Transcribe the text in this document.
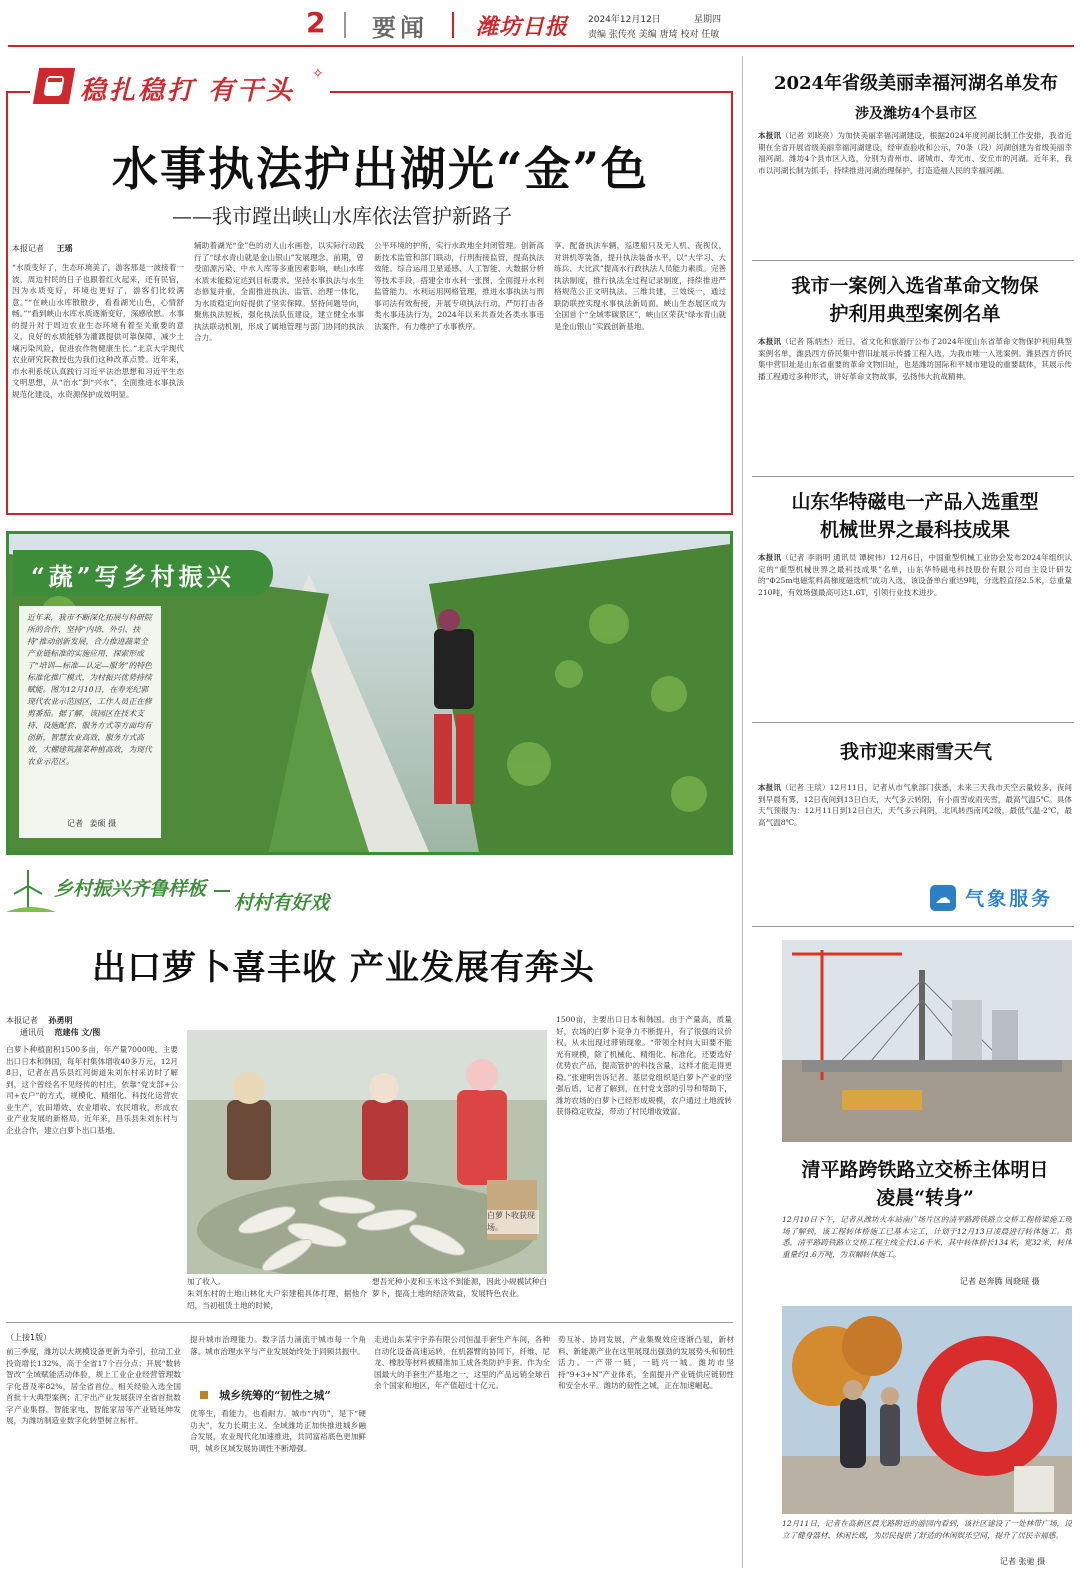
2 要闻 潍坊日报 2024年12月12日	星期四
责编 张传亮 美编 唐琦 校对 任敏
稳扎稳打 有干头
✧
水事执法护出湖光“金”色
——我市蹚出峡山水库依法管护新路子
本报记者 王瑶
“水质变好了，生态环境美了，游客那是一波接着一波，周边村民的日子也跟着红火起来，还有民宿，因为水质变好，环境也更好了，游客们比较满意。”“在峡山水库散散步，看看湖光山色，心情舒畅。”“看到峡山水库水质逐渐变好，深感欣慰。水事的提升对于周边农业生态环境有着至关重要的意义，良好的水质能够为灌溉提供可靠保障，减少土壤污染风险，促进农作物健康生长。”北京大学现代农业研究院教授也为我们这种改革点赞。近年来，市水利系统认真践行习近平法治思想和习近平生态文明思想，从“治水”到“兴水”，全面推进水事执法规范化建设，水资源保护成效明显。
辅助着湖光“金”色的动人山水画卷，以实际行动践行了“绿水青山就是金山银山”发展理念。前期，曾受面源污染、中水入库等多重因素影响，峡山水库水质未能稳定达到目标要求。坚持水事执法与水生态修复并重，全面推进执法、监管、治理一体化，为水质稳定向好提供了坚实保障。坚持问题导向，聚焦执法短板，强化执法队伍建设，建立健全水事执法联动机制，形成了属地管理与部门协同的执法合力。
公平环境的护所，实行水政地全封闭管理。创新高新技术监管和部门联动，行刑衔接监管，提高执法效能。综合运用卫星遥感、人工智能、大数据分析等技术手段，搭建全市水利一张图，全面提升水利监管能力。水利运用网格管理，推进水事执法与刑事司法有效衔接，开展专项执法行动，严厉打击各类水事违法行为，2024年以来共查处各类水事违法案件，有力维护了水事秩序。
享、配备执法车辆，巡逻船只及无人机、夜视仪、对讲机等装备，提升执法装备水平，以“大学习、大练兵、大比武”提高水行政执法人员能力素质。完善执法制度，推行执法全过程记录制度，持续推进严格规范公正文明执法。三维共建，三效统一，通过联防联控实现水事执法新局面。峡山生态展区成为全国首个“全域零碳景区”，峡山区荣获“绿水青山就是金山银山”实践创新基地。
“蔬”写乡村振兴
近年来，我市不断深化拓展与科研院所的合作，坚持“内培、外引、扶持”推动创新发展，合力推进蔬菜全产业链标准的实施应用，探索形成了“培训—标准—认定—服务”的特色标准化推广模式，为村振兴优势持续赋能。图为12月10日，在寿光纪郭现代农业示范园区，工作人员正在修剪番茄。据了解，该园区在技术支持、设施配套、服务方式等方面均有创新，智慧农业高效、服务方式高效，大棚建筑蔬菜种植高效，为现代农业示范区。
记者 姜硕 摄
乡村振兴齐鲁样板
村村有好戏
出口萝卜喜丰收 产业发展有奔头
本报记者 孙勇明
通讯员 范建伟 文/图
白萝卜种植面积1500多亩，年产量7000吨，主要出口日本和韩国，每年村集体增收40多万元，12月8日，记者在昌乐县红河街道朱刘东村采访时了解到，这个曾经名不见经传的村庄，依靠“党支部+公司+农户”的方式，规模化、精细化、科技化运营农业生产，农田增效、农业增收、农民增收，形成农业产业发展的新格局。近年来，昌乐县朱刘东村与企业合作，建立白萝卜出口基地。
白萝卜收获现场。
1500亩，主要出口日本和韩国。由于产量高，质量好，农场的白萝卜竞争力不断提升，有了很强的议价权，从未出现过滞销现象。“带领全村向大田要不能光有规模，除了机械化、精细化、标准化，还要选好优势农产品，提高管护的科技含量，这样才能走得更稳。”张建明告诉记者。基层党组织是白萝卜产业的坚强后盾，记者了解到，在村党支部的引导和帮助下，潍坊农场的白萝卜已经形成规模，农户通过土地流转获得稳定收益，带动了村民增收致富。
加了收入。
朱刘东村的土地山林化大户亲建租具体打理，据他介绍，当初租赁土地的时候，
想吾光种小麦和玉米这不到能源，因此小规模试种白萝卜，提高土地的经济效益，发展特色农业。
（上接1版）
前三季度，潍坊以大规模设备更新为牵引，拉动工业投资增长132%，高于全省17个百分点；开展“数转智改”全域赋能活动体验，规上工业企业经营管理数字化普及率82%，居全省首位。相关经验入选全国首批十大典型案例；汇宇出产业发展获评全省首批数字产业集群。智能家电、智能家居等产业链延伸发展，为潍坊制造业数字化转型树立标杆。
提升城市治理能力。数字活力涌流于城市每一个角落。城市治理水平与产业发展始终处于同频共振中。
城乡统筹的“韧性之城”
优等生，看能力，也看耐力。城市“内功”，是下“硬功夫”，发力长期主义。全域潍坊正加快推进城乡融合发展，农业现代化加速推进，共同富裕底色更加鲜明，城乡区域发展协调性不断增强。
走进山东某宇宇养有限公司恒温手套生产车间，各种自动化设备高速运转，在机器臂的协同下，纤维、尼龙、橡胶等材料被精准加工成各类防护手套。作为全国最大的手套生产基地之一，这里的产品远销全球百余个国家和地区，年产值超过十亿元。
势互补、协同发展，产业集聚效应逐渐凸显，新材料、新能源产业在这里展现出强劲的发展势头和韧性活力。一产带一链，一链兴一城。潍坊市坚持“9+3+N”产业体系，全面提升产业链供应链韧性和安全水平。潍坊的韧性之城，正在加速崛起。
2024年省级美丽幸福河湖名单发布
涉及潍坊4个县市区
本报讯（记者 刘晓亮）为加快美丽幸福河湖建设，根据2024年度河湖长制工作安排，我省近期在全省开展省级美丽幸福河湖建设，经审查验收和公示，70条（段）河湖创建为省级美丽幸福河湖。潍坊4个县市区入选，分别为青州市、诸城市、寿光市、安丘市的河湖。近年来，我市以河湖长制为抓手，持续推进河湖治理保护，打造造福人民的幸福河湖。
我市一案例入选省革命文物保护利用典型案例名单
本报讯（记者 陈炳杰）近日，省文化和旅游厅公布了2024年度山东省革命文物保护利用典型案例名单，潍县西方侨民集中营旧址展示传播工程入选，为我市唯一入选案例。潍县西方侨民集中营旧址是山东省重要的革命文物旧址，也是潍坊国际和平城市建设的重要载体，其展示传播工程通过多种形式，讲好革命文物故事，弘扬伟大抗战精神。
山东华特磁电一产品入选重型机械世界之最科技成果
本报讯（记者 李雨明 通讯员 谭树伟）12月6日，中国重型机械工业协会发布2024年组织认定的“重型机械世界之最科技成果”名单，山东华特磁电科技股份有限公司自主设计研发的“Φ25m电磁浆料高梯度磁选机”成功入选，该设备单台重达9吨，分选腔直径2.5米，总重量210吨，有效场强最高可达1.6T，引领行业技术进步。
我市迎来雨雪天气
本报讯（记者 王琰）12月11日，记者从市气象部门获悉，未来三天我市天空云量较多，夜间到早晨有雾，12日夜间到13日白天，大气多云转阴，有小雨雪或雨夹雪，最高气温5℃。具体天气预报为：12月11日到12日白天，天气多云间阴，北风转西南风2级，最低气温-2℃，最高气温8℃。
☁ 气象服务
清平路跨铁路立交桥主体明日凌晨“转身”
12月10日下午，记者从潍坊火车站南广场片区的清平路跨铁路立交桥工程桥梁施工现场了解到，该工程转体桥施工已基本完工，计划于12月13日凌晨进行转体施工。据悉，清平路跨铁路立交桥工程主线全长1.6千米，其中转体桥长134米，宽32米，转体重量约1.6万吨，为双幅转体施工。
记者 赵奔腾 周晓瑶 摄
12月11日，记者在高新区晨光路附近的游园内看到，该社区建设了一处林带广场，设立了健身器材、休闲长廊，为居民提供了舒适的休闲娱乐空间，提升了居民幸福感。
记者 张驰 摄
